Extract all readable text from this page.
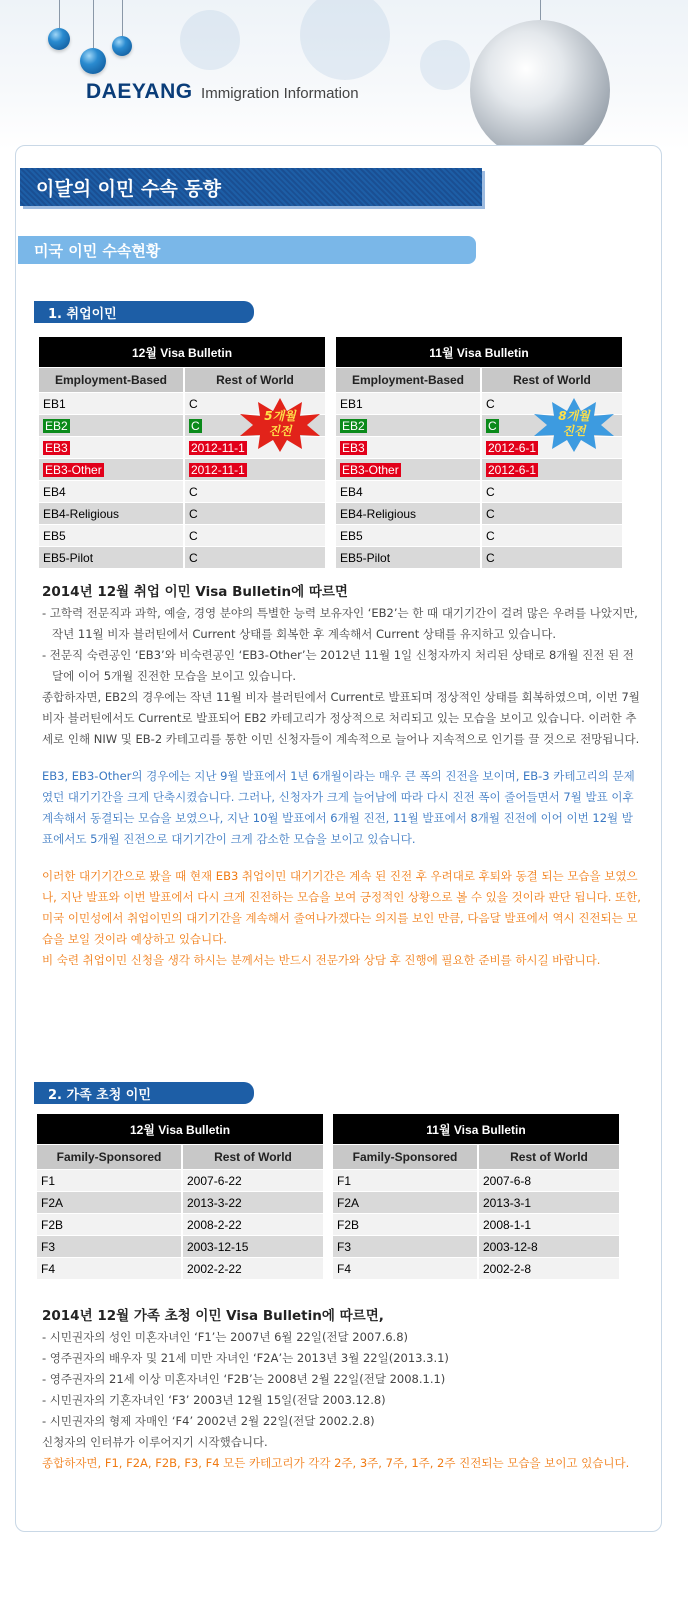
DAEYANG Immigration Information
이달의 이민 수속 동향
미국 이민 수속현황
1. 취업이민
12월 Visa Bulletin	
Employment-Based	Rest of World
EB1	C
EB2	C
EB3	2012-11-1
EB3-Other	2012-11-1
EB4	C
EB4-Religious	C
EB5	C
EB5-Pilot	C
11월 Visa Bulletin	
Employment-Based	Rest of World
EB1	C
EB2	C
EB3	2012-6-1
EB3-Other	2012-6-1
EB4	C
EB4-Religious	C
EB5	C
EB5-Pilot	C
5개월
진전
8개월
진전

2014년 12월 취업 이민 Visa Bulletin에 따르면

- 고학력 전문직과 과학, 예술, 경영 분야의 특별한 능력 보유자인 ‘EB2’는 한 때 대기기간이 걸려 많은 우려를 나았지만, 작년 11월 비자 블러틴에서 Current 상태를 회복한 후 계속해서 Current 상태를 유지하고 있습니다.

- 전문직 숙련공인 ‘EB3’와 비숙련공인 ‘EB3-Other’는 2012년 11월 1일 신청자까지 처리된 상태로 8개월 진전 된 전 달에 이어 5개월 진전한 모습을 보이고 있습니다.

종합하자면, EB2의 경우에는 작년 11월 비자 블러틴에서 Current로 발표되며 정상적인 상태를 회복하였으며, 이번 7월 비자 블러틴에서도 Current로 발표되어 EB2 카테고리가 정상적으로 처리되고 있는 모습을 보이고 있습니다. 이러한 추세로 인해 NIW 및 EB-2 카테고리를 통한 이민 신청자들이 계속적으로 늘어나 지속적으로 인기를 끌 것으로 전망됩니다.

EB3, EB3-Other의 경우에는 지난 9월 발표에서 1년 6개월이라는 매우 큰 폭의 진전을 보이며, EB-3 카테고리의 문제였던 대기기간을 크게 단축시켰습니다. 그러나, 신청자가 크게 늘어남에 따라 다시 진전 폭이 줄어들면서 7월 발표 이후 계속해서 동결되는 모습을 보였으나, 지난 10월 발표에서 6개월 진전, 11월 발표에서 8개월 진전에 이어 이번 12월 발표에서도 5개월 진전으로 대기기간이 크게 감소한 모습을 보이고 있습니다.

이러한 대기기간으로 봤을 때 현재 EB3 취업이민 대기기간은 계속 된 진전 후 우려대로 후퇴와 동결 되는 모습을 보였으나, 지난 발표와 이번 발표에서 다시 크게 진전하는 모습을 보여 긍정적인 상황으로 볼 수 있을 것이라 판단 됩니다. 또한, 미국 이민성에서 취업이민의 대기기간을 계속해서 줄여나가겠다는 의지를 보인 만큼, 다음달 발표에서 역시 진전되는 모습을 보일 것이라 예상하고 있습니다.

비 숙련 취업이민 신청을 생각 하시는 분께서는 반드시 전문가와 상담 후 진행에 필요한 준비를 하시길 바랍니다.

2. 가족 초청 이민
12월 Visa Bulletin	
Family-Sponsored	Rest of World
F1	2007-6-22
F2A	2013-3-22
F2B	2008-2-22
F3	2003-12-15
F4	2002-2-22
11월 Visa Bulletin	
Family-Sponsored	Rest of World
F1	2007-6-8
F2A	2013-3-1
F2B	2008-1-1
F3	2003-12-8
F4	2002-2-8

2014년 12월 가족 초청 이민 Visa Bulletin에 따르면,

- 시민권자의 성인 미혼자녀인 ‘F1’는 2007년 6월 22일(전달 2007.6.8)

- 영주권자의 배우자 및 21세 미만 자녀인 ‘F2A’는 2013년 3월 22일(2013.3.1)

- 영주권자의 21세 이상 미혼자녀인 ‘F2B’는 2008년 2월 22일(전달 2008.1.1)

- 시민권자의 기혼자녀인 ‘F3’ 2003년 12월 15일(전달 2003.12.8)

- 시민권자의 형제 자매인 ‘F4’ 2002년 2월 22일(전달 2002.2.8)

신청자의 인터뷰가 이루어지기 시작했습니다.

종합하자면, F1, F2A, F2B, F3, F4 모든 카테고리가 각각 2주, 3주, 7주, 1주, 2주 진전되는 모습을 보이고 있습니다.
